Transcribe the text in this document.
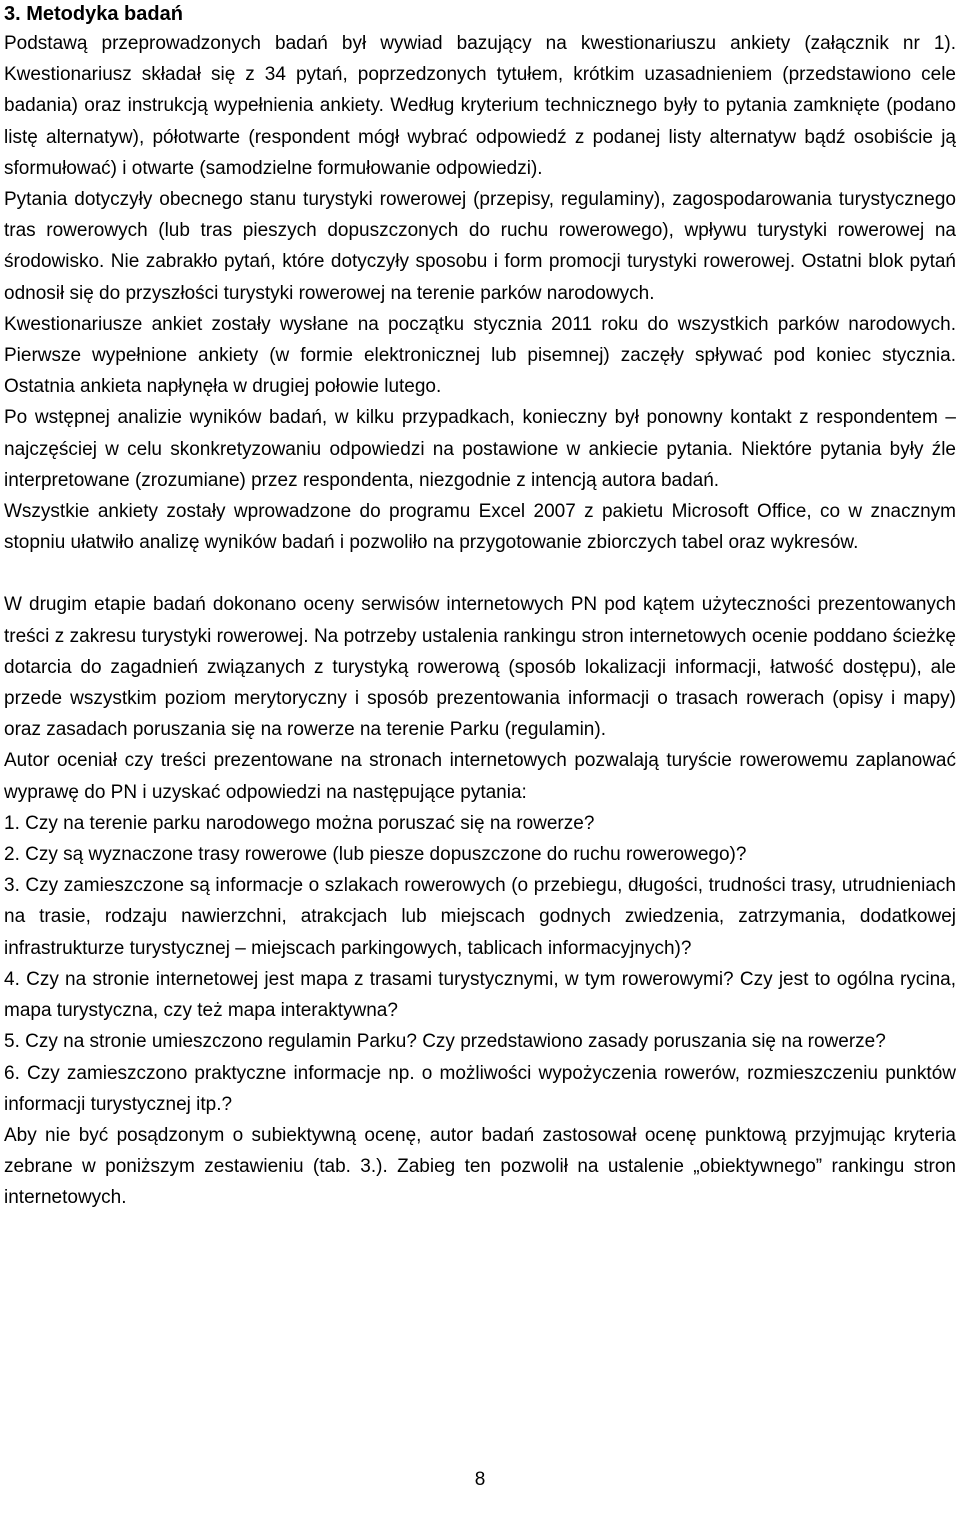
3. Metodyka badań

Podstawą przeprowadzonych badań był wywiad bazujący na kwestionariuszu ankiety (załącznik nr 1). Kwestionariusz składał się z 34 pytań, poprzedzonych tytułem, krótkim uzasadnieniem (przedstawiono cele badania) oraz instrukcją wypełnienia ankiety. Według kryterium technicznego były to pytania zamknięte (podano listę alternatyw), półotwarte (respondent mógł wybrać odpowiedź z podanej listy alternatyw bądź osobiście ją sformułować) i otwarte (samodzielne formułowanie odpowiedzi).

Pytania dotyczyły obecnego stanu turystyki rowerowej (przepisy, regulaminy), zagospodarowania turystycznego tras rowerowych (lub tras pieszych dopuszczonych do ruchu rowerowego), wpływu turystyki rowerowej na środowisko. Nie zabrakło pytań, które dotyczyły sposobu i form promocji turystyki rowerowej. Ostatni blok pytań odnosił się do przyszłości turystyki rowerowej na terenie parków narodowych.

Kwestionariusze ankiet zostały wysłane na początku stycznia 2011 roku do wszystkich parków narodowych. Pierwsze wypełnione ankiety (w formie elektronicznej lub pisemnej) zaczęły spływać pod koniec stycznia. Ostatnia ankieta napłynęła w drugiej połowie lutego.

Po wstępnej analizie wyników badań, w kilku przypadkach, konieczny był ponowny kontakt z respondentem – najczęściej w celu skonkretyzowaniu odpowiedzi na postawione w ankiecie pytania. Niektóre pytania były źle interpretowane (zrozumiane) przez respondenta, niezgodnie z intencją autora badań.

Wszystkie ankiety zostały wprowadzone do programu Excel 2007 z pakietu Microsoft Office, co w znacznym stopniu ułatwiło analizę wyników badań i pozwoliło na przygotowanie zbiorczych tabel oraz wykresów.

W drugim etapie badań dokonano oceny serwisów internetowych PN pod kątem użyteczności prezentowanych treści z zakresu turystyki rowerowej. Na potrzeby ustalenia rankingu stron internetowych ocenie poddano ścieżkę dotarcia do zagadnień związanych z turystyką rowerową (sposób lokalizacji informacji, łatwość dostępu), ale przede wszystkim poziom merytoryczny i sposób prezentowania informacji o trasach rowerach (opisy i mapy) oraz zasadach poruszania się na rowerze na terenie Parku (regulamin).

Autor oceniał czy treści prezentowane na stronach internetowych pozwalają turyście rowerowemu zaplanować wyprawę do PN i uzyskać odpowiedzi na następujące pytania:

1. Czy na terenie parku narodowego można poruszać się na rowerze?

2. Czy są wyznaczone trasy rowerowe (lub piesze dopuszczone do ruchu rowerowego)?

3. Czy zamieszczone są informacje o szlakach rowerowych (o przebiegu, długości, trudności trasy, utrudnieniach na trasie, rodzaju nawierzchni, atrakcjach lub miejscach godnych zwiedzenia, zatrzymania, dodatkowej infrastrukturze turystycznej – miejscach parkingowych, tablicach informacyjnych)?

4. Czy na stronie internetowej jest mapa z trasami turystycznymi, w tym rowerowymi? Czy jest to ogólna rycina, mapa turystyczna, czy też mapa interaktywna?

5. Czy na stronie umieszczono regulamin Parku? Czy przedstawiono zasady poruszania się na rowerze?

6. Czy zamieszczono praktyczne informacje np. o możliwości wypożyczenia rowerów, rozmieszczeniu punktów informacji turystycznej itp.?

Aby nie być posądzonym o subiektywną ocenę, autor badań zastosował ocenę punktową przyjmując kryteria zebrane w poniższym zestawieniu (tab. 3.). Zabieg ten pozwolił na ustalenie „obiektywnego” rankingu stron internetowych.

8
